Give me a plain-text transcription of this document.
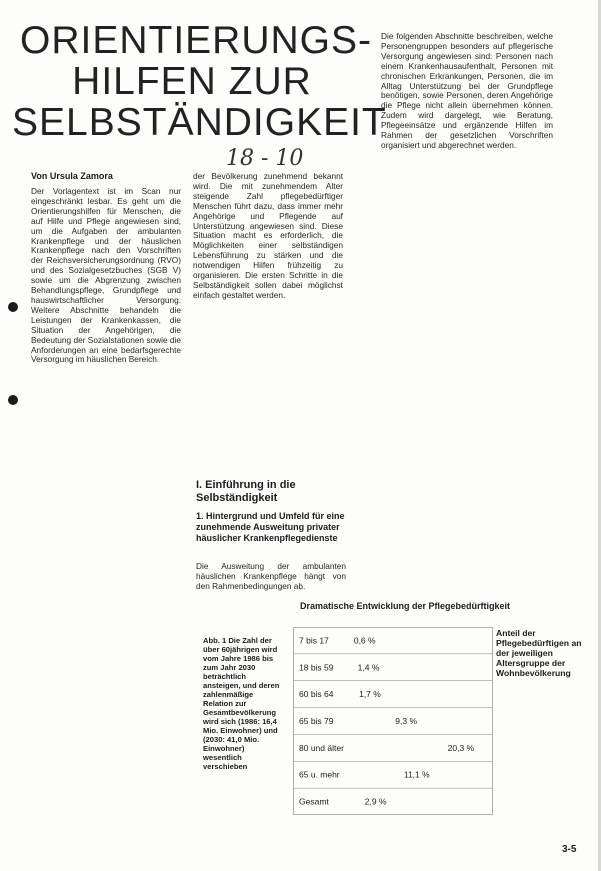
ORIENTIERUNGS-
HILFEN ZUR
SELBSTÄNDIGKEIT
18 - 10
Von Ursula Zamora

Der Vorlagentext ist im Scan nur eingeschränkt lesbar. Es geht um die Orientierungshilfen für Menschen, die auf Hilfe und Pflege angewiesen sind, um die Aufgaben der ambulanten Krankenpflege und der häuslichen Krankenpflege nach den Vorschriften der Reichsversicherungsordnung (RVO) und des Sozialgesetzbuches (SGB V) sowie um die Abgrenzung zwischen Behandlungspflege, Grundpflege und hauswirtschaftlicher Versorgung. Weitere Abschnitte behandeln die Leistungen der Krankenkassen, die Situation der Angehörigen, die Bedeutung der Sozialstationen sowie die Anforderungen an eine bedarfsgerechte Versorgung im häuslichen Bereich.

der Bevölkerung zunehmend bekannt wird. Die mit zunehmendem Alter steigende Zahl pflegebedürftiger Menschen führt dazu, dass immer mehr Angehörige und Pflegende auf Unterstützung angewiesen sind. Diese Situation macht es erforderlich, die Möglichkeiten einer selbständigen Lebensführung zu stärken und die notwendigen Hilfen frühzeitig zu organisieren. Die ersten Schritte in die Selbständigkeit sollen dabei möglichst einfach gestaltet werden.

I. Einführung in die Selbständigkeit
1. Hintergrund und Umfeld für eine zunehmende Ausweitung privater häuslicher Krankenpflegedienste

Die Ausweitung der ambulanten häuslichen Krankenpflege hängt von den Rahmenbedingungen ab.

Die folgenden Abschnitte beschreiben, welche Personengruppen besonders auf pflegerische Versorgung angewiesen sind: Personen nach einem Krankenhausaufenthalt, Personen mit chronischen Erkrankungen, Personen, die im Alltag Unterstützung bei der Grundpflege benötigen, sowie Personen, deren Angehörige die Pflege nicht allein übernehmen können. Zudem wird dargelegt, wie Beratung, Pflegeeinsätze und ergänzende Hilfen im Rahmen der gesetzlichen Vorschriften organisiert und abgerechnet werden.

Dramatische Entwicklung der Pflegebedürftigkeit
Abb. 1 Die Zahl der über 60jährigen wird vom Jahre 1986 bis zum Jahr 2030 beträchtlich ansteigen, und deren zahlenmäßige Relation zur Gesamtbevölkerung wird sich (1986: 16,4 Mio. Einwohner) und (2030: 41,0 Mio. Einwohner) wesentlich verschieben
7 bis 17	0,6 %
18 bis 59	1,4 %
60 bis 64	1,7 %
65 bis 79	9,3 %
80 und älter	20,3 %
65 u. mehr	11,1 %
Gesamt	2,9 %
Anteil der Pflegebedürftigen an der jeweiligen Altersgruppe der Wohnbevölkerung
3-5
